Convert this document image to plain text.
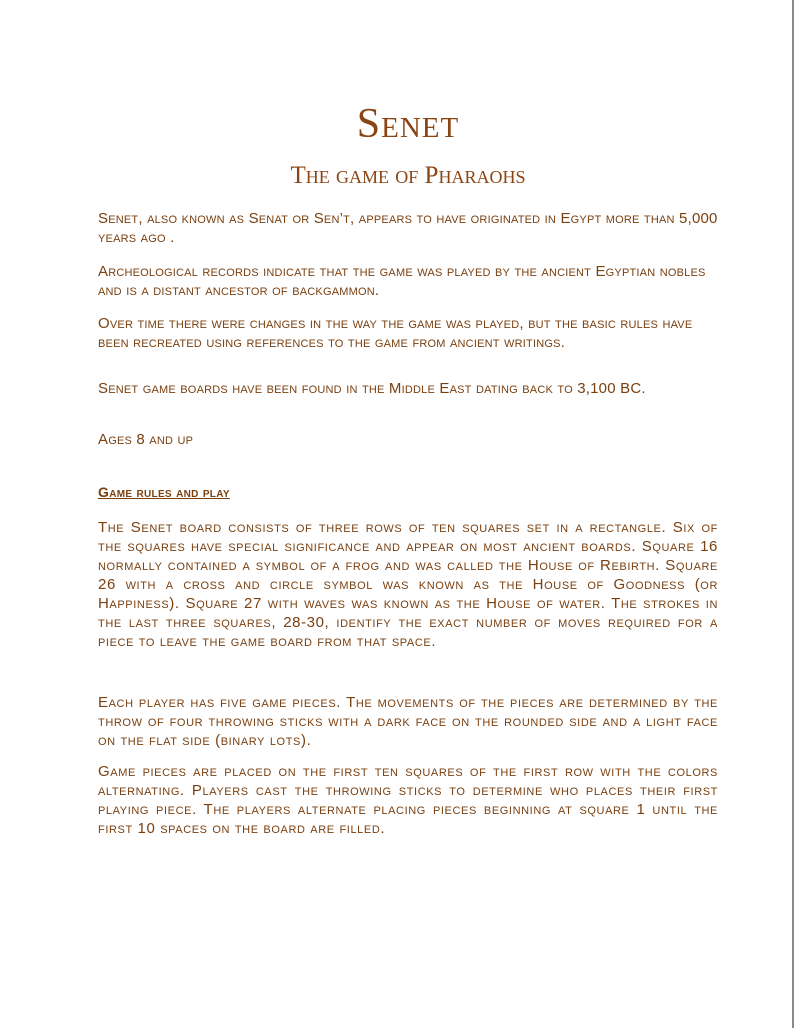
Senet
The game of Pharaohs

Senet, also known as Senat or Sen’t, appears to have originated in Egypt more than 5,000 years ago .

Archeological records indicate that the game was played by the ancient Egyptian nobles and is a distant ancestor of backgammon.

Over time there were changes in the way the game was played, but the basic rules have been recreated using references to the game from ancient writings.

Senet game boards have been found in the Middle East dating back to 3,100 BC.

Ages 8 and up

Game rules and play

The Senet board consists of three rows of ten squares set in a rectangle. Six of the squares have special significance and appear on most ancient boards. Square 16 normally contained a symbol of a frog and was called the House of Rebirth. Square 26 with a cross and circle symbol was known as the House of Goodness (or Happiness). Square 27 with waves was known as the House of water. The strokes in the last three squares, 28-30, identify the exact number of moves required for a piece to leave the game board from that space.

Each player has five game pieces. The movements of the pieces are determined by the throw of four throwing sticks with a dark face on the rounded side and a light face on the flat side (binary lots).

Game pieces are placed on the first ten squares of the first row with the colors alternating. Players cast the throwing sticks to determine who places their first playing piece. The players alternate placing pieces beginning at square 1 until the first 10 spaces on the board are filled.
